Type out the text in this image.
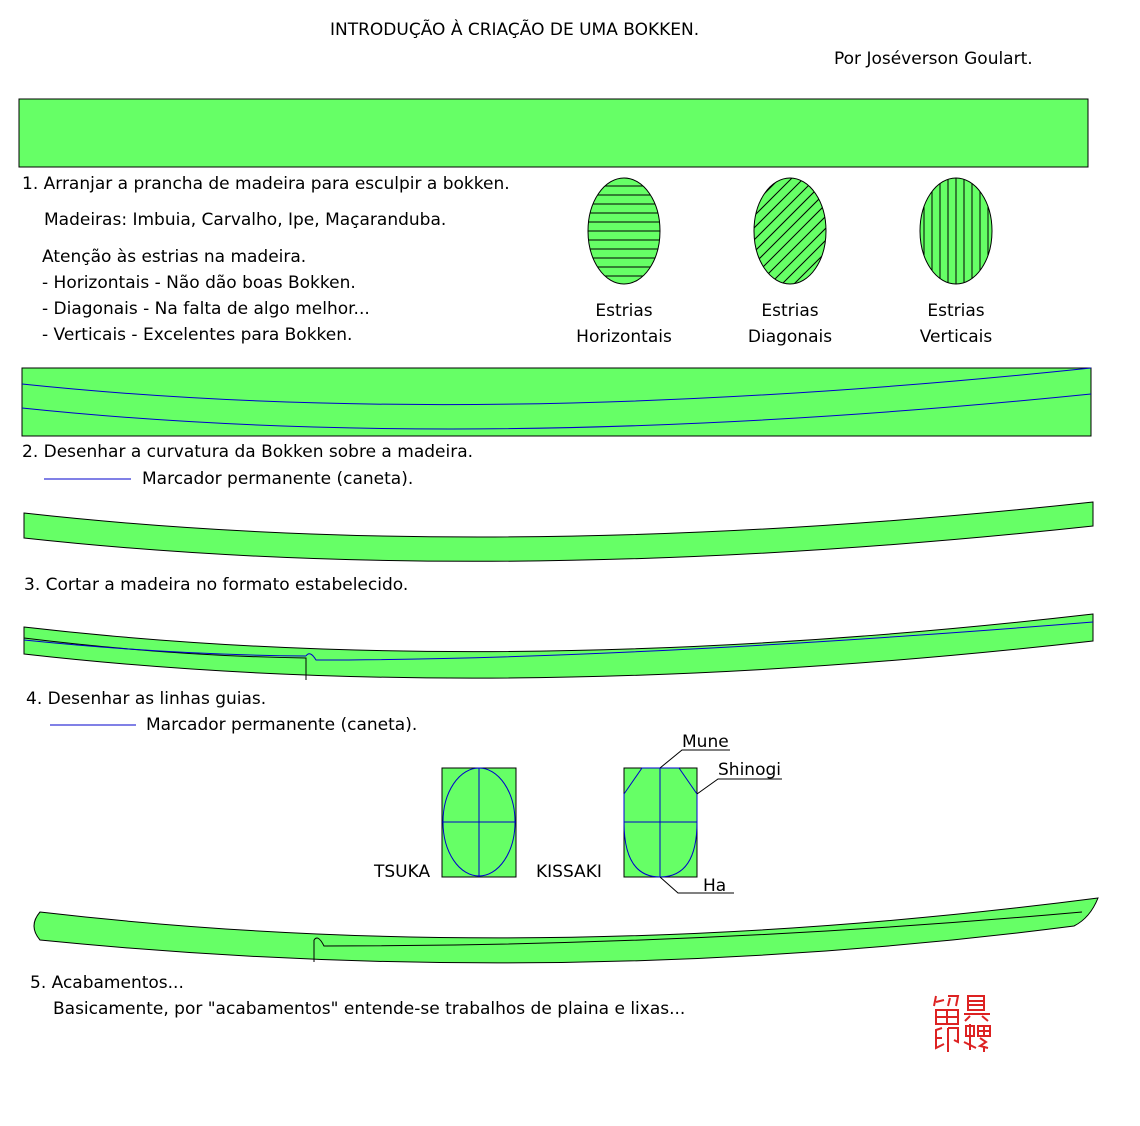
INTRODUÇÃO À CRIAÇÃO DE UMA BOKKEN.
Por Joséverson Goulart.
1. Arranjar a prancha de madeira para esculpir a bokken.
Madeiras: Imbuia, Carvalho, Ipe, Maçaranduba.
Atenção às estrias na madeira.
- Horizontais - Não dão boas Bokken.
- Diagonais - Na falta de algo melhor...
- Verticais - Excelentes para Bokken.
Estrias
Horizontais
Estrias
Diagonais
Estrias
Verticais
2. Desenhar a curvatura da Bokken sobre a madeira.
Marcador permanente (caneta).
3. Cortar a madeira no formato estabelecido.
4. Desenhar as linhas guias.
Marcador permanente (caneta).
TSUKA	KISSAKI
Mune
Shinogi
Ha
5. Acabamentos...
Basicamente, por "acabamentos" entende-se trabalhos de plaina e lixas...
